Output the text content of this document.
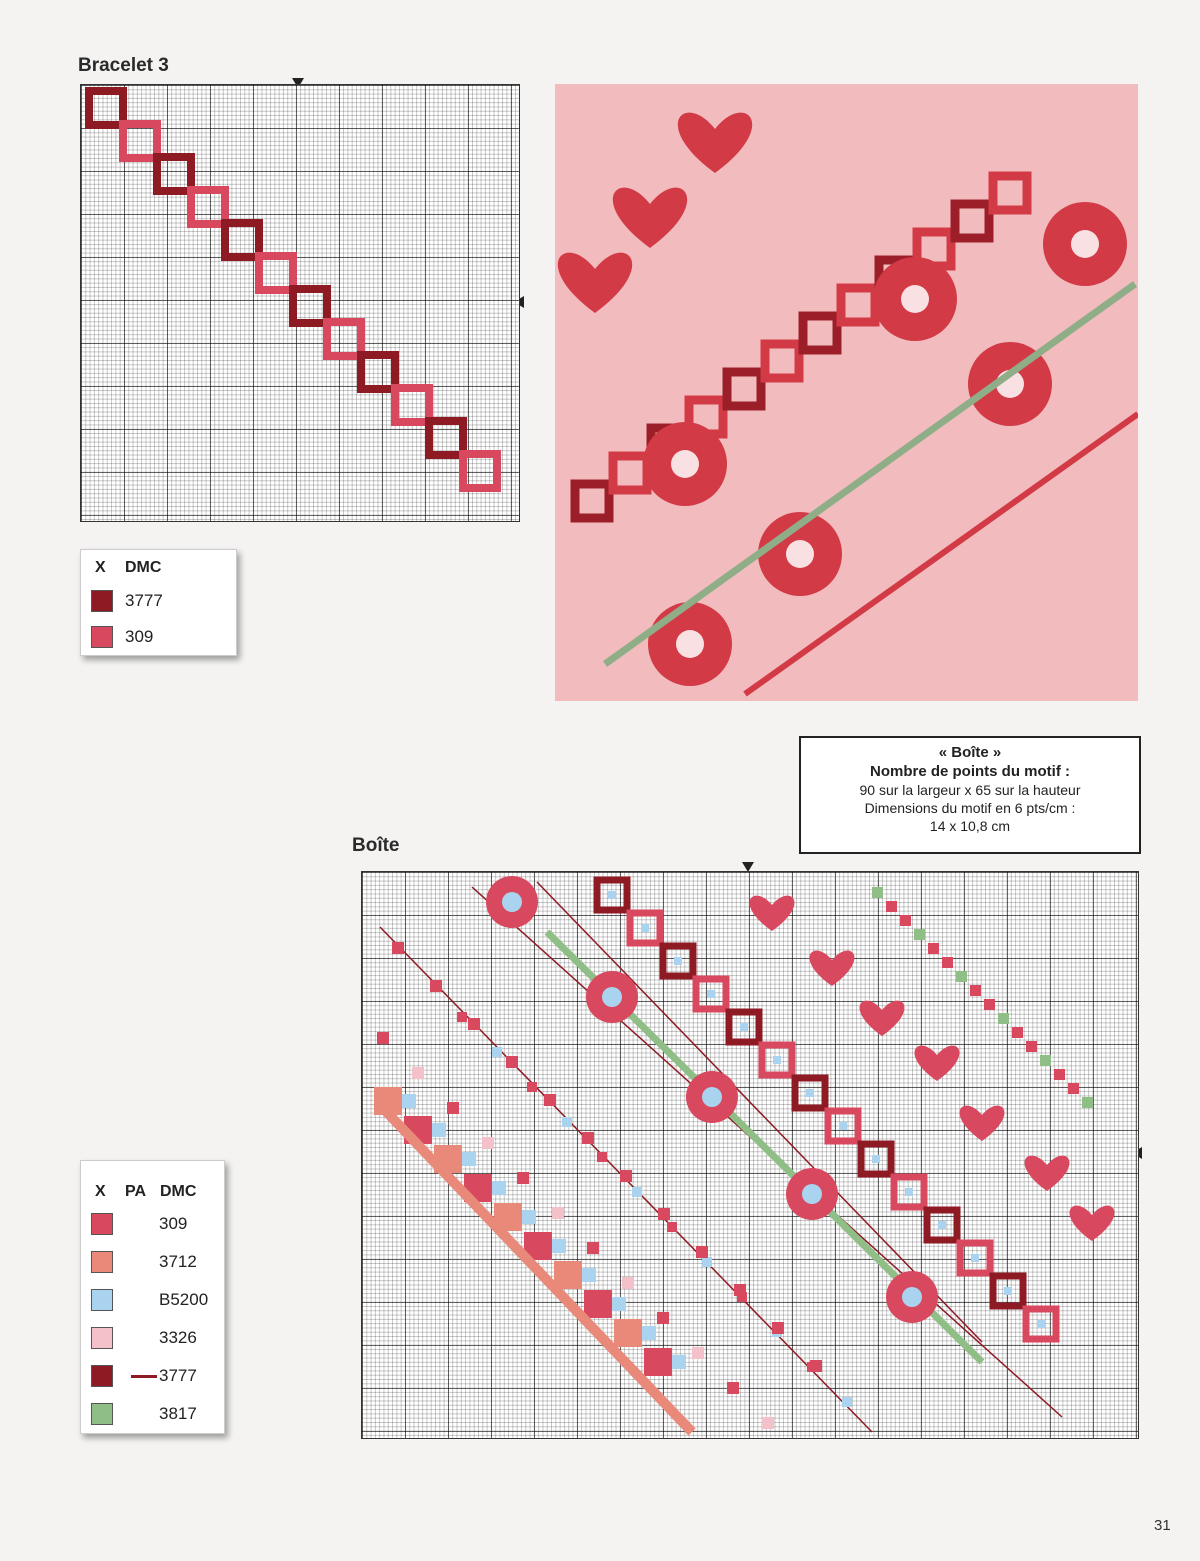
Bracelet 3
X DMC
3777
309
« Boîte »
Nombre de points du motif :
90 sur la largeur x 65 sur la hauteur
Dimensions du motif en 6 pts/cm :
14 x 10,8 cm
Boîte
X PA DMC
309
3712
B5200
3326
3777
3817
31
